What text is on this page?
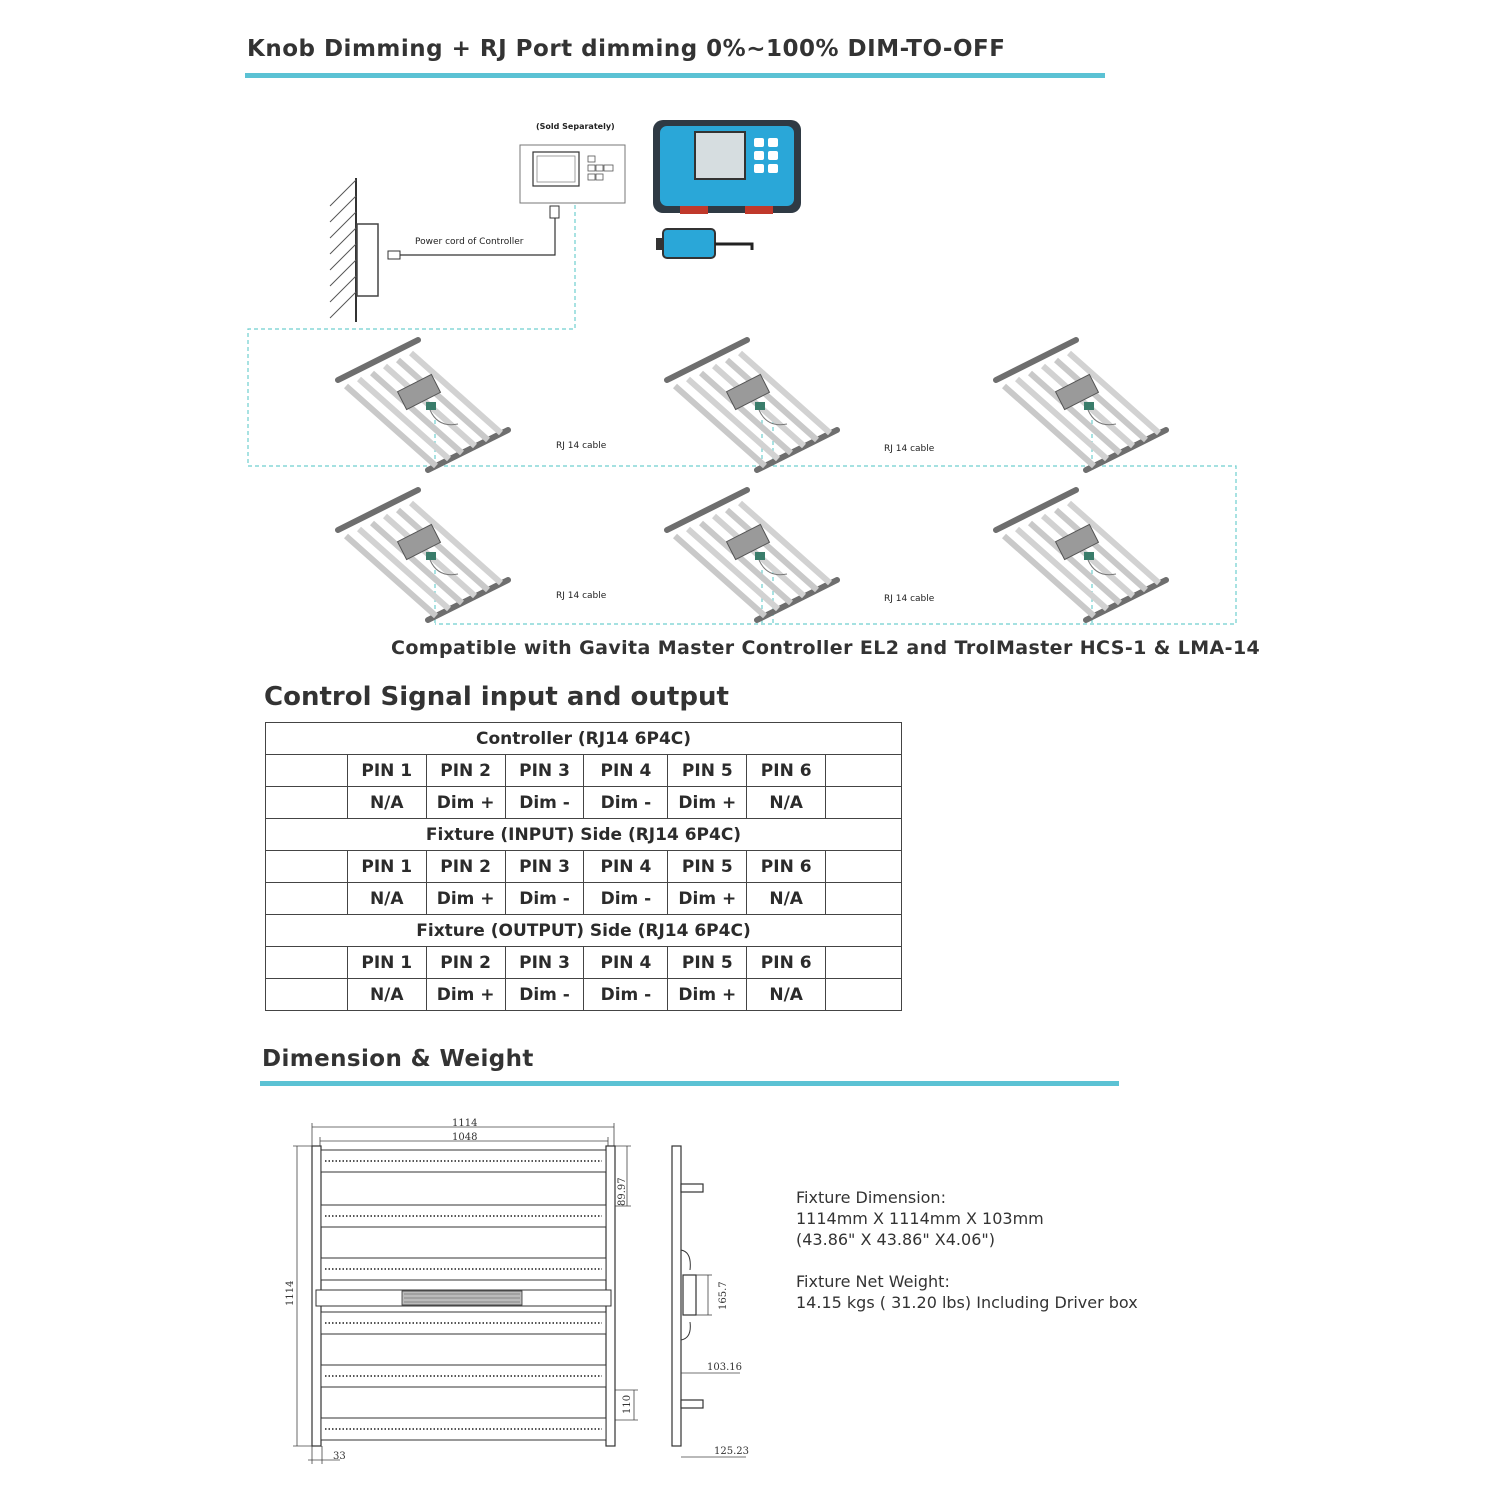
Knob Dimming + RJ Port dimming 0%~100% DIM-TO-OFF
(Sold Separately)
Power cord of Controller
RJ 14 cable	RJ 14 cable
RJ 14 cable	RJ 14 cable
Compatible with Gavita Master Controller EL2 and TrolMaster HCS-1 & LMA-14
Control Signal input and output
Controller (RJ14 6P4C)							
	PIN 1	PIN 2	PIN 3	PIN 4	PIN 5	PIN 6	
	N/A	Dim +	Dim -	Dim -	Dim +	N/A	
Fixture (INPUT) Side (RJ14 6P4C)							
	PIN 1	PIN 2	PIN 3	PIN 4	PIN 5	PIN 6	
	N/A	Dim +	Dim -	Dim -	Dim +	N/A	
Fixture (OUTPUT) Side (RJ14 6P4C)							
	PIN 1	PIN 2	PIN 3	PIN 4	PIN 5	PIN 6	
	N/A	Dim +	Dim -	Dim -	Dim +	N/A	
Dimension & Weight
1114
1048
1114
89.97
110
33
165.7
103.16
125.23
Fixture Dimension:
1114mm X 1114mm X 103mm
(43.86" X 43.86" X4.06")
Fixture Net Weight:
14.15 kgs ( 31.20 lbs) Including Driver box
